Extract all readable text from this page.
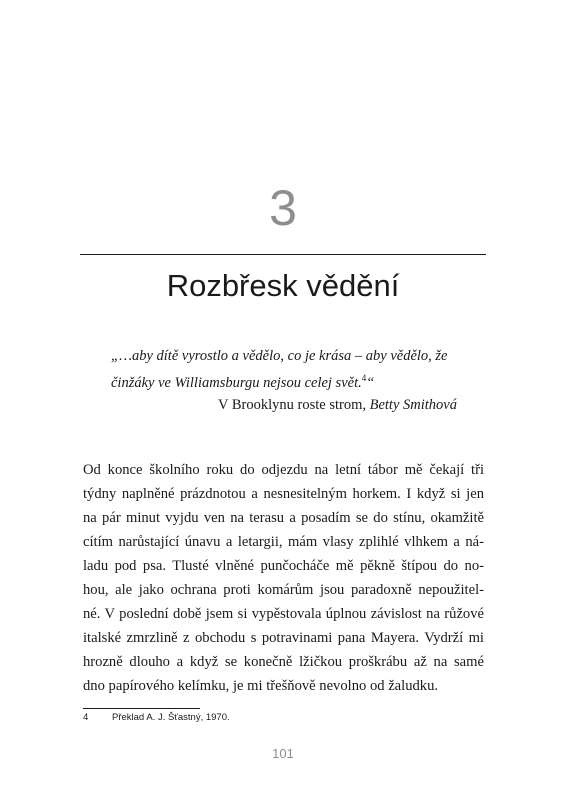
3
Rozbřesk vědění
„…aby dítě vyrostlo a vědělo, co je krása – aby vědělo, že
činžáky ve Williamsburgu nejsou celej svět.$^4$“
V Brooklynu roste strom, Betty Smithová
Od konce školního roku do odjezdu na letní tábor mě čekají tři
týdny naplněné prázdnotou a nesnesitelným horkem. I když si jen
na pár minut vyjdu ven na terasu a posadím se do stínu, okamžitě
cítím narůstající únavu a letargii, mám vlasy zplihlé vlhkem a ná-
ladu pod psa. Tlusté vlněné punčocháče mě pěkně štípou do no-
hou, ale jako ochrana proti komárům jsou paradoxně nepoužitel-
né. V poslední době jsem si vypěstovala úplnou závislost na růžové
italské zmrzlině z obchodu s potravinami pana Mayera. Vydrží mi
hrozně dlouho a když se konečně lžičkou proškrábu až na samé
dno papírového kelímku, je mi třešňově nevolno od žaludku.
4 Překlad A. J. Šťastný, 1970.
101
